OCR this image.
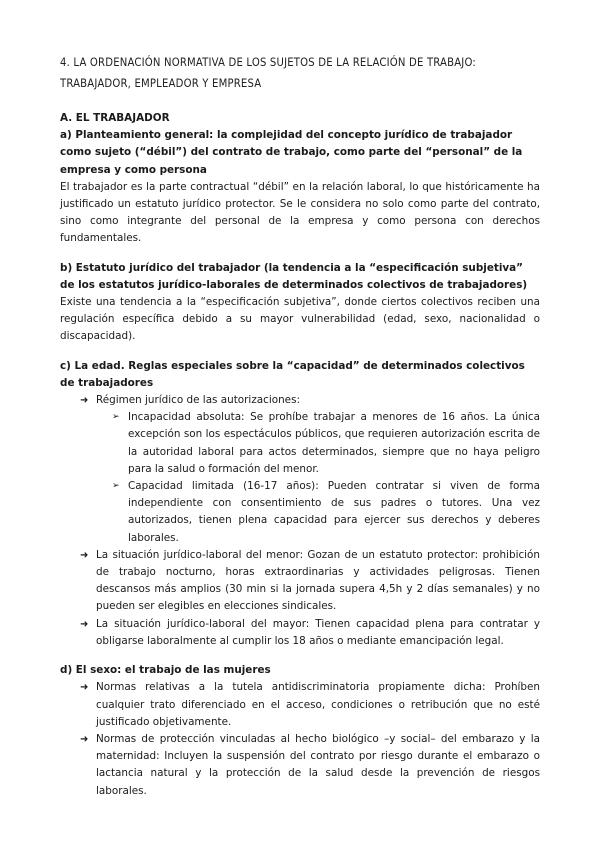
4. LA ORDENACIÓN NORMATIVA DE LOS SUJETOS DE LA RELACIÓN DE TRABAJO: TRABAJADOR, EMPLEADOR Y EMPRESA

A. EL TRABAJADOR

a) Planteamiento general: la complejidad del concepto jurídico de trabajador como sujeto (“débil”) del contrato de trabajo, como parte del “personal” de la empresa y como persona

El trabajador es la parte contractual “débil” en la relación laboral, lo que históricamente ha justificado un estatuto jurídico protector. Se le considera no solo como parte del contrato, sino como integrante del personal de la empresa y como persona con derechos fundamentales.

b) Estatuto jurídico del trabajador (la tendencia a la “especificación subjetiva” de los estatutos jurídico-laborales de determinados colectivos de trabajadores)

Existe una tendencia a la “especificación subjetiva”, donde ciertos colectivos reciben una regulación específica debido a su mayor vulnerabilidad (edad, sexo, nacionalidad o discapacidad).

c) La edad. Reglas especiales sobre la “capacidad” de determinados colectivos de trabajadores

➜ Régimen jurídico de las autorizaciones:
➢ Incapacidad absoluta: Se prohíbe trabajar a menores de 16 años. La única excepción son los espectáculos públicos, que requieren autorización escrita de la autoridad laboral para actos determinados, siempre que no haya peligro para la salud o formación del menor.
➢ Capacidad limitada (16-17 años): Pueden contratar si viven de forma independiente con consentimiento de sus padres o tutores. Una vez autorizados, tienen plena capacidad para ejercer sus derechos y deberes laborales.
➜ La situación jurídico-laboral del menor: Gozan de un estatuto protector: prohibición de trabajo nocturno, horas extraordinarias y actividades peligrosas. Tienen descansos más amplios (30 min si la jornada supera 4,5h y 2 días semanales) y no pueden ser elegibles en elecciones sindicales.
➜ La situación jurídico-laboral del mayor: Tienen capacidad plena para contratar y obligarse laboralmente al cumplir los 18 años o mediante emancipación legal.

d) El sexo: el trabajo de las mujeres

➜ Normas relativas a la tutela antidiscriminatoria propiamente dicha: Prohíben cualquier trato diferenciado en el acceso, condiciones o retribución que no esté justificado objetivamente.
➜ Normas de protección vinculadas al hecho biológico –y social– del embarazo y la maternidad: Incluyen la suspensión del contrato por riesgo durante el embarazo o lactancia natural y la protección de la salud desde la prevención de riesgos laborales.
